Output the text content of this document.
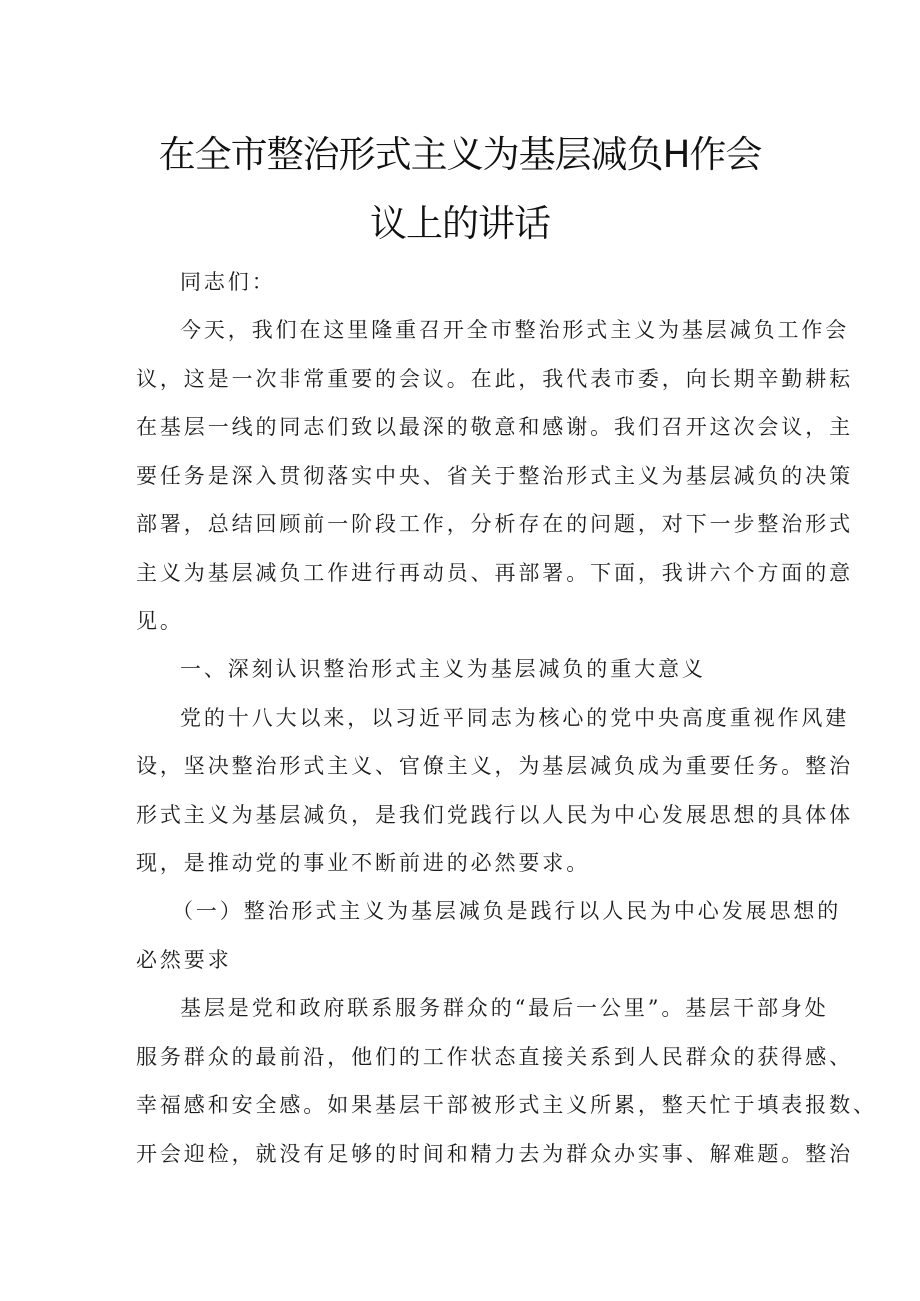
在全市整治形式主义为基层减负H作会
议上的讲话
同志们：
今天，我们在这里隆重召开全市整治形式主义为基层减负工作会
议，这是一次非常重要的会议。在此，我代表市委，向长期辛勤耕耘
在基层一线的同志们致以最深的敬意和感谢。我们召开这次会议，主
要任务是深入贯彻落实中央、省关于整治形式主义为基层减负的决策
部署，总结回顾前一阶段工作，分析存在的问题，对下一步整治形式
主义为基层减负工作进行再动员、再部署。下面，我讲六个方面的意
见。
一、深刻认识整治形式主义为基层减负的重大意义
党的十八大以来，以习近平同志为核心的党中央高度重视作风建
设，坚决整治形式主义、官僚主义，为基层减负成为重要任务。整治
形式主义为基层减负，是我们党践行以人民为中心发展思想的具体体
现，是推动党的事业不断前进的必然要求。
（一）整治形式主义为基层减负是践行以人民为中心发展思想的
必然要求
基层是党和政府联系服务群众的“最后一公里”。基层干部身处
服务群众的最前沿，他们的工作状态直接关系到人民群众的获得感、
幸福感和安全感。如果基层干部被形式主义所累，整天忙于填表报数、
开会迎检，就没有足够的时间和精力去为群众办实事、解难题。整治
